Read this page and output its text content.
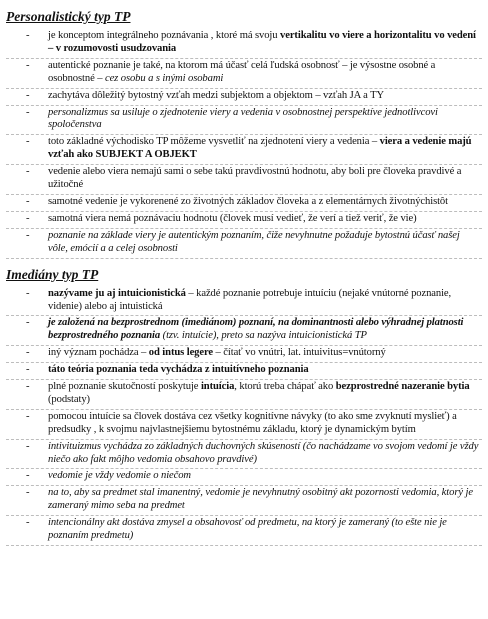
Personalistický typ TP
- je konceptom integrálneho poznávania , ktoré má svoju vertikalitu vo viere a horizontalitu vo vedení – v rozumovosti usudzovania
- autentické poznanie je také, na ktorom má účasť celá ľudská osobnosť – je výsostne osobné a osobnostné – cez osobu a s inými osobami
- zachytáva dôležitý bytostný vzťah medzi subjektom a objektom – vzťah JA a TY
- personalizmus sa usiluje o zjednotenie viery a vedenia v osobnostnej perspektíve jednotlivcovi spoločenstva
- toto základné východisko TP môžeme vysvetliť na zjednotení viery a vedenia – viera a vedenie majú vzťah ako SUBJEKT A OBJEKT
- vedenie alebo viera nemajú sami o sebe takú pravdivostnú hodnotu, aby boli pre človeka pravdivé a užitočné
- samotné vedenie je vykorenené zo životných základov človeka a z elementárnych životnýchistôt
- samotná viera nemá poznávaciu hodnotu (človek musí vedieť, že verí a tiež veriť, že vie)
- poznanie na základe viery je autentickým poznaním, čiže nevyhnutne požaduje bytostnú účasť našej vôle, emócií a a celej osobnosti
Imediány typ TP
- nazývame ju aj intuicionistická – každé poznanie potrebuje intuíciu (nejaké vnútorné poznanie, videnie) alebo aj intuistická
- je založená na bezprostrednom (imediánom) poznaní, na dominantnosti alebo výhradnej platnosti bezprostredného poznania (tzv. intuície), preto sa nazýva intuicionistická TP
- iný význam pochádza – od intus legere – čítať vo vnútri, lat. intuivitus=vnútorný
- táto teória poznania teda vychádza z intuitívneho poznania
- plné poznanie skutočností poskytuje intuícia, ktorú treba chápať ako bezprostredné nazeranie bytia (podstaty)
- pomocou intuície sa človek dostáva cez všetky kognitívne návyky (to ako sme zvyknutí myslieť) a predsudky , k svojmu najvlastnejšiemu bytostnému základu, ktorý je dynamickým bytím
- intivituizmus vychádza zo základných duchovných skúseností (čo nachádzame vo svojom vedomí je vždy niečo ako fakt môjho vedomia obsahovo pravdivé)
- vedomie je vždy vedomie o niečom
- na to, aby sa predmet stal imanentný, vedomie je nevyhnutný osobitný akt pozornosti vedomia, ktorý je zameraný mimo seba na predmet
- intencionálny akt dostáva zmysel a obsahovosť od predmetu, na ktorý je zameraný (to ešte nie je poznaním predmetu)
